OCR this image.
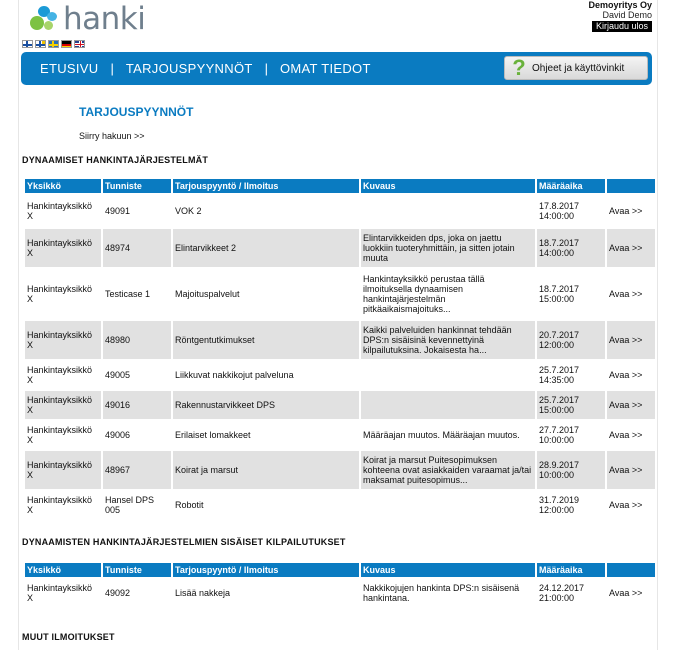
hanki	Demoyritys Oy
David Demo
Kirjaudu ulos
ETUSIVU | TARJOUSPYYNNÖT | OMAT TIEDOT	? Ohjeet ja käyttövinkit
TARJOUSPYYNNÖT
Siirry hakuun >>
DYNAAMISET HANKINTAJÄRJESTELMÄT
Yksikkö	Tunniste	Tarjouspyyntö / Ilmoitus	Kuvaus	Määräaika	
Hankintayksikkö X	49091	VOK 2		17.8.2017 14:00:00	Avaa >>
Hankintayksikkö X	48974	Elintarvikkeet 2	Elintarvikkeiden dps, joka on jaettu luokkiin tuoteryhmittäin, ja sitten jotain muuta	18.7.2017 14:00:00	Avaa >>
Hankintayksikkö X	Testicase 1	Majoituspalvelut	Hankintayksikkö perustaa tällä ilmoituksella dynaamisen hankintajärjestelmän pitkäaikaismajoituks...	18.7.2017 15:00:00	Avaa >>
Hankintayksikkö X	48980	Röntgentutkimukset	Kaikki palveluiden hankinnat tehdään DPS:n sisäisinä kevennettyinä kilpailutuksina. Jokaisesta ha...	20.7.2017 12:00:00	Avaa >>
Hankintayksikkö X	49005	Liikkuvat nakkikojut palveluna		25.7.2017 14:35:00	Avaa >>
Hankintayksikkö X	49016	Rakennustarvikkeet DPS		25.7.2017 15:00:00	Avaa >>
Hankintayksikkö X	49006	Erilaiset lomakkeet	Määräajan muutos. Määräajan muutos.	27.7.2017 10:00:00	Avaa >>
Hankintayksikkö X	48967	Koirat ja marsut	Koirat ja marsut Puitesopimuksen kohteena ovat asiakkaiden varaamat ja/tai maksamat puitesopimus...	28.9.2017 10:00:00	Avaa >>
Hankintayksikkö X	Hansel DPS 005	Robotit		31.7.2019 12:00:00	Avaa >>
DYNAAMISTEN HANKINTAJÄRJESTELMIEN SISÄISET KILPAILUTUKSET
Yksikkö	Tunniste	Tarjouspyyntö / Ilmoitus	Kuvaus	Määräaika	
Hankintayksikkö X	49092	Lisää nakkeja	Nakkikojujen hankinta DPS:n sisäisenä hankintana.	24.12.2017 21:00:00	Avaa >>
MUUT ILMOITUKSET
